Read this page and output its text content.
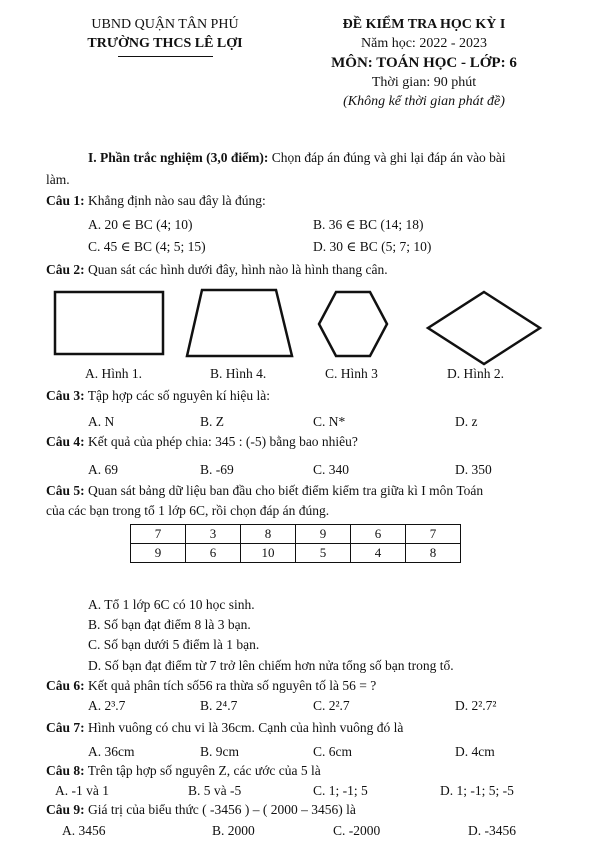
UBND QUẬN TÂN PHÚ
TRƯỜNG THCS LÊ LỢI
ĐỀ KIỂM TRA HỌC KỲ I
Năm học: 2022 - 2023
MÔN: TOÁN HỌC - LỚP: 6
Thời gian: 90 phút
(Không kể thời gian phát đề)
I. Phần trắc nghiệm (3,0 điểm): Chọn đáp án đúng và ghi lại đáp án vào bài
làm.
Câu 1: Khẳng định nào sau đây là đúng:
A. 20 ∈ BC (4; 10)	B. 36 ∈ BC (14; 18)
C. 45 ∈ BC (4; 5; 15)	D. 30 ∈ BC (5; 7; 10)
Câu 2: Quan sát các hình dưới đây, hình nào là hình thang cân.
A. Hình 1.	B. Hình 4.	C. Hình 3	D. Hình 2.
Câu 3: Tập hợp các số nguyên kí hiệu là:
A. N	B. Z	C. N*	D. z
Câu 4: Kết quả của phép chia: 345 : (-5) bằng bao nhiêu?
A. 69	B. -69	C. 340	D. 350
Câu 5: Quan sát bảng dữ liệu ban đầu cho biết điểm kiểm tra giữa kì I môn Toán
của các bạn trong tổ 1 lớp 6C, rồi chọn đáp án đúng.
7	3	8	9	6	7
9	6	10	5	4	8
A. Tổ 1 lớp 6C có 10 học sinh.
B. Số bạn đạt điểm 8 là 3 bạn.
C. Số bạn dưới 5 điểm là 1 bạn.
D. Số bạn đạt điểm từ 7 trở lên chiếm hơn nửa tổng số bạn trong tổ.
Câu 6: Kết quả phân tích số56 ra thừa số nguyên tố là 56 = ?
A. 2³.7	B. 2⁴.7	C. 2².7	D. 2².7²
Câu 7: Hình vuông có chu vi là 36cm. Cạnh của hình vuông đó là
A. 36cm	B. 9cm	C. 6cm	D. 4cm
Câu 8: Trên tập hợp số nguyên Z, các ước của 5 là
A. -1 và 1	B. 5 và -5	C. 1; -1; 5	D. 1; -1; 5; -5
Câu 9: Giá trị của biểu thức ( -3456 ) – ( 2000 – 3456) là
A. 3456	B. 2000	C. -2000	D. -3456
